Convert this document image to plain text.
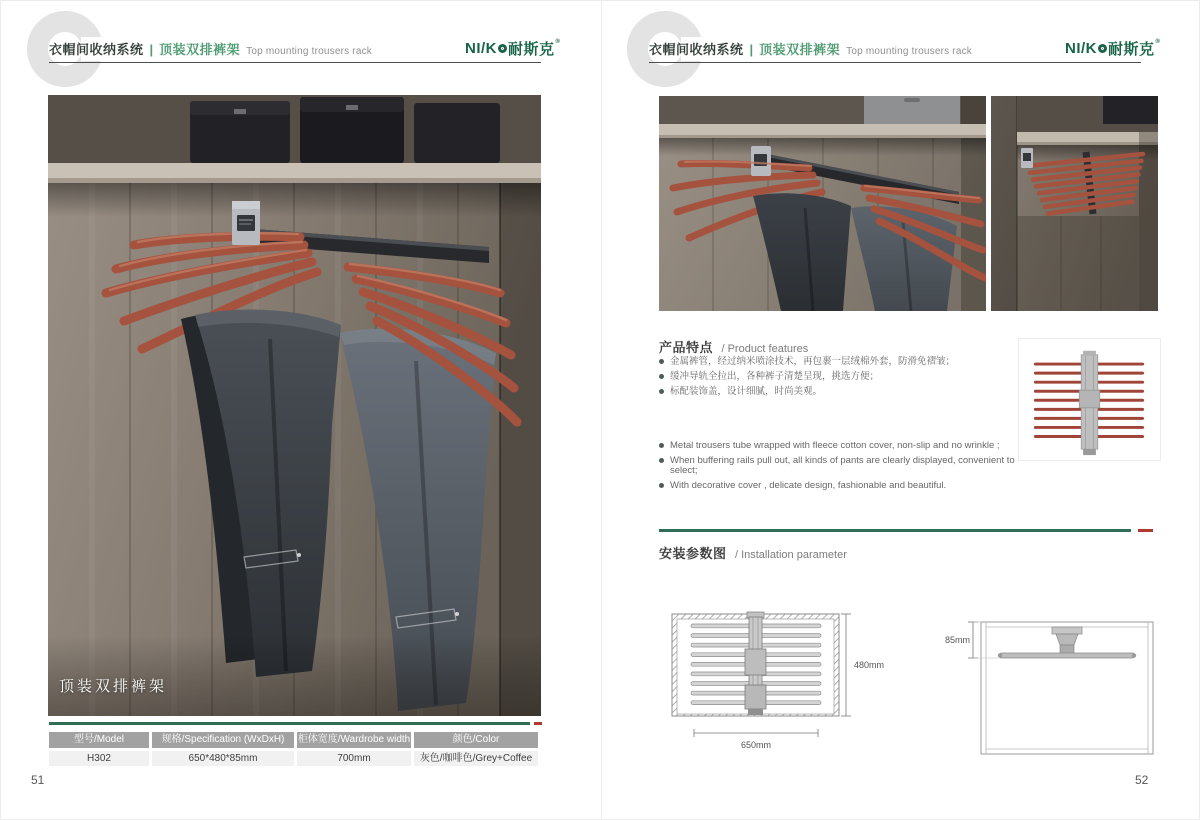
衣帽间收纳系统 | 顶装双排裤架 Top mounting trousers rack	NI/K 耐斯克 ®
顶装双排裤架
型号/Model	规格/Specification (WxDxH)	柜体宽度/Wardrobe width	颜色/Color
H302	650*480*85mm	700mm	灰色/咖啡色/Grey+Coffee
51
衣帽间收纳系统 | 顶装双排裤架 Top mounting trousers rack	NI/K 耐斯克 ®
产品特点 / Product features
金属裤管，经过纳米喷涂技术，再包裹一层绒棉外套，防滑免褶皱；
缓冲导轨全拉出，各种裤子清楚呈现，挑选方便；
标配装饰盖，设计细腻，时尚美观。
Metal trousers tube wrapped with fleece cotton cover, non-slip and no wrinkle ;
When buffering rails pull out, all kinds of pants are clearly displayed, convenient to select;
With decorative cover , delicate design, fashionable and beautiful.
安装参数图 / Installation parameter
480mm
650mm
85mm
52
